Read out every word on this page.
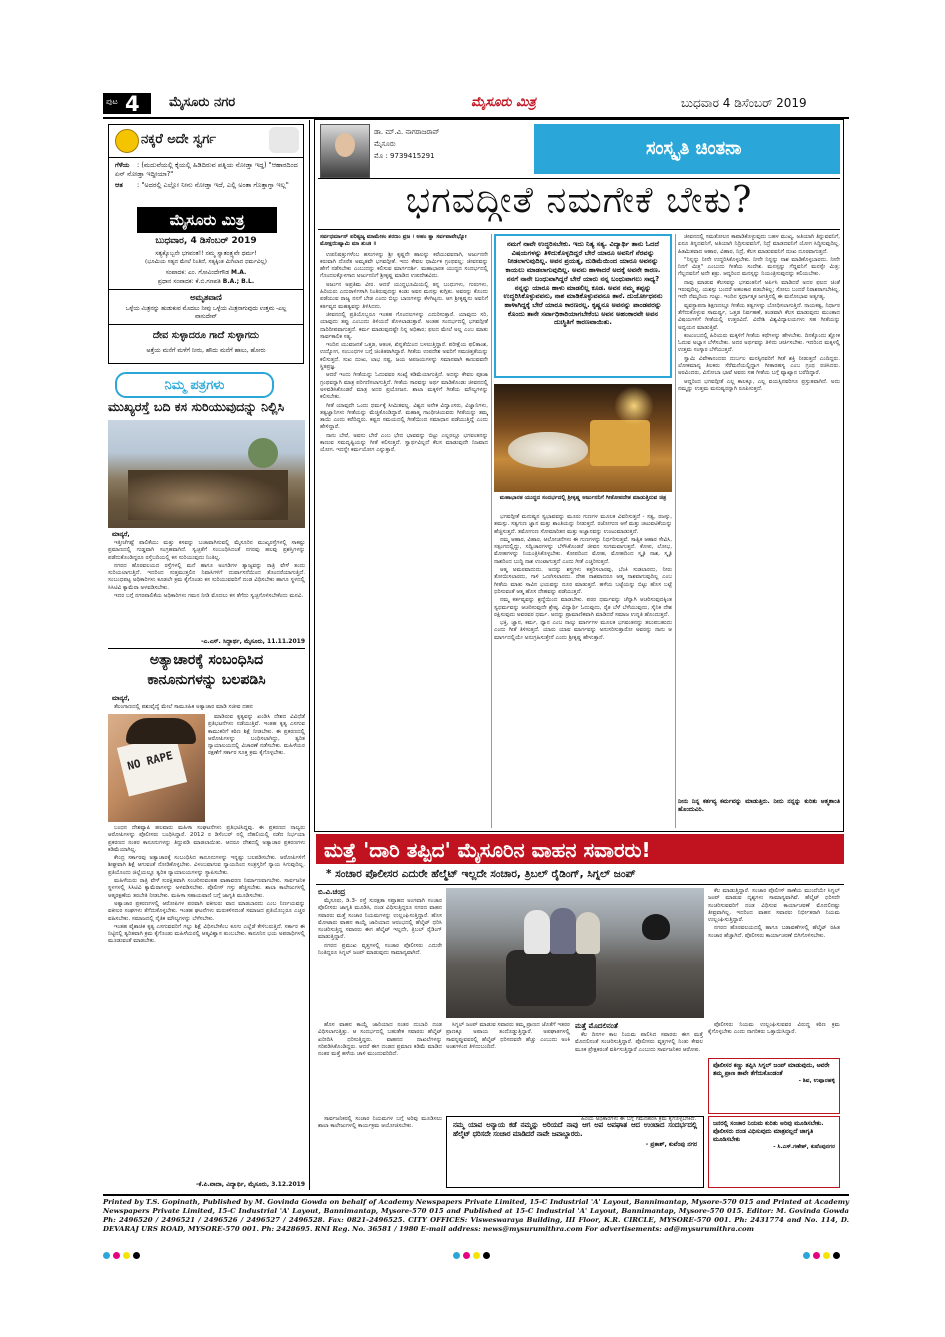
ಪುಟ 4 ಮೈಸೂರು ನಗರ	ಮೈಸೂರು ಮಿತ್ರ	ಬುಧವಾರ 4 ಡಿಸೆಂಬರ್ 2019
ನಕ್ಕರೆ ಅದೇ ಸ್ವರ್ಗ
ಗೆಳೆಯ : (ಮದುವೆಯಲ್ಲಿ ಕೈಯಲ್ಲಿ ಹಿಡಿದಿರುವ ಪತ್ನಿಯ ನೋಡ್ತಾ ಇದ್ದ) "ಆಹಾರದಿಂದ ಏನ್ ನೋಡ್ತಾ ಇದ್ದೀಯಾ?"
ಆತ : "ಅದರಲ್ಲಿ ಎಲ್ಲೋ ನೀನು ನೋಡ್ತಾ ಇದೆ, ಎಲ್ಲಿ ಅಂತಾ ಗೊತ್ತಾಗ್ತಾ ಇಲ್ಲ"
ಮೈಸೂರು ಮಿತ್ರ
ಬುಧವಾರ, 4 ಡಿಸೆಂಬರ್ 2019
ಸತ್ಯಕ್ಕೊಬ್ಬನೇ ಭಗವಂತ!! ನಮ್ಮ ಸ್ವಾತಂತ್ರ್ಯವೇ ಧರ್ಮ!
(ಭೂಮಿಯ ಸತ್ಯದ ಮೇಲೆ ನಿಂತಿದೆ, ಸತ್ಯಕ್ಕಿಂತ ಮಿಗಿಲಾದ ಧರ್ಮವಿಲ್ಲ)
ಸಂಪಾದಕ: ಎಂ. ಗೋವಿಂದೇಗೌಡ M.A.
ಪ್ರಧಾನ ಸಂಪಾದಕ: ಕೆ.ಬಿ.ಗಣಪತಿ B.A.; B.L.
ಅಮೃತವಾಣಿ
ಒಳ್ಳೆಯ ಮಿತ್ರನನ್ನು ಹುಡುಕುವ ಮೊದಲು ನೀವು ಒಳ್ಳೆಯ ಮಿತ್ರನಾಗುವುದು ಉತ್ತಮ -ಎಲ್ಲ ವಾಸುದೇವ್
ದೇವ ಸುಳ್ಳಾದರೂ ಗಾದೆ ಸುಳ್ಳಾಗದು
ಅತ್ತೆಯ ಮನೆಗೆ ಮಳೆಗೆ ನೀರು, ಹೌದು ಮನೆಗೆ ಹಾಲು, ಹೋರು
ನಿಮ್ಮ ಪತ್ರಗಳು
ಮುಖ್ಯರಸ್ತೆ ಬದಿ ಕಸ ಸುರಿಯುವುದನ್ನು ನಿಲ್ಲಿಸಿ
ಮಾನ್ಯರೆ,

ಇತ್ತೀಚೆಗಷ್ಟೆ ಪಾಲಿಕೆಯು ಮತ್ತು ಕಸವನ್ನು ಬಚಾವಾಗಿಸುವಲ್ಲಿ ಮೈಸೂರಿನ ಮುಖ್ಯರಸ್ತೆಗಳಲ್ಲಿ ಸಾಕಷ್ಟು ಪ್ರಮಾಣದಲ್ಲಿ ಗುಡ್ಡವಾಗಿ ಸಂಗ್ರಹವಾಗಿದೆ. ಸ್ವಚ್ಛತೆಗೆ ಸಂಬಂಧಿಸಿದಂತೆ ನಗರವು ಹಲವು ಪ್ರಶಸ್ತಿಗಳನ್ನು ಪಡೆದುಕೊಂಡಿದ್ದರೂ ರಸ್ತೆಬದಿಯಲ್ಲಿ ಕಸ ಸುರಿಯುವುದು ನಿಂತಿಲ್ಲ.

ನಗರದ ಹೊರವಲಯದ ರಸ್ತೆಗಳಲ್ಲಿ ಮನೆ ಹಾಗೂ ಅಂಗಡಿಗಳ ತ್ಯಾಜ್ಯವನ್ನು ರಾತ್ರಿ ವೇಳೆ ತಂದು ಸುರಿಯಲಾಗುತ್ತಿದೆ. ಇದರಿಂದ ಸುತ್ತಮುತ್ತಲಿನ ನಿವಾಸಿಗಳಿಗೆ ದುರ್ವಾಸನೆಯಿಂದ ತೊಂದರೆಯಾಗುತ್ತಿದೆ. ಸಂಬಂಧಪಟ್ಟ ಅಧಿಕಾರಿಗಳು ಕೂಡಲೇ ಕ್ರಮ ಕೈಗೊಂಡು ಕಸ ಸುರಿಯುವವರಿಗೆ ದಂಡ ವಿಧಿಸಬೇಕು ಹಾಗೂ ಸ್ಥಳದಲ್ಲಿ ಸಿಸಿಟಿವಿ ಕ್ಯಾಮೆರಾ ಅಳವಡಿಸಬೇಕು.

ಇದರ ಬಗ್ಗೆ ನಗರಪಾಲಿಕೆಯ ಅಧಿಕಾರಿಗಳು ಗಮನ ನೀಡಿ ಮೊದಲು ಕಸ ತೆಗೆದು ಸ್ವಚ್ಛಗೊಳಿಸಬೇಕೆಂದು ಮನವಿ.

-ಎ.ಎಸ್. ಸಿದ್ದಾರ್ಥ, ಮೈಸೂರು, 11.11.2019
ಅತ್ಯಾಚಾರಕ್ಕೆ ಸಂಬಂಧಿಸಿದ
ಕಾನೂನುಗಳನ್ನು ಬಲಪಡಿಸಿ
ಮಾನ್ಯರೆ,

ತೆಲಂಗಾಣದಲ್ಲಿ ಪಶುವೈದ್ಯೆ ಮೇಲೆ ಸಾಮೂಹಿಕ ಅತ್ಯಾಚಾರ ಮಾಡಿ ಸಜೀವ ದಹನ

NO RAPE

ಮಾಡಿರುವ ಕೃತ್ಯವನ್ನು ಖಂಡಿಸಿ ದೇಶದ ವಿವಿಧೆಡೆ ಪ್ರತಿಭಟನೆಗಳು ನಡೆಯುತ್ತಿವೆ. ಇಂತಹ ಕೃತ್ಯ ಎಸಗುವ ಕಾಮುಕರಿಗೆ ಕಠಿಣ ಶಿಕ್ಷೆ ನೀಡಬೇಕು. ಈ ಪ್ರಕರಣದಲ್ಲಿ ಆರೋಪಿಗಳನ್ನು ಬಂಧಿಸಲಾಗಿದ್ದು, ತ್ವರಿತ ನ್ಯಾಯಾಲಯದಲ್ಲಿ ವಿಚಾರಣೆ ನಡೆಸಬೇಕು. ಮಹಿಳೆಯರ ರಕ್ಷಣೆಗೆ ಸರ್ಕಾರ ಸೂಕ್ತ ಕ್ರಮ ಕೈಗೊಳ್ಳಬೇಕು.

ಬಂಧನ ದೇಶವ್ಯಾಪಿ ಹಲವಾರು ಮಹಿಳಾ ಸಂಘಟನೆಗಳು ಪ್ರತಿಭಟಿಸಿದ್ದವು. ಈ ಪ್ರಕರಣದ ನಾಲ್ವರು ಆರೋಪಿಗಳನ್ನು ಪೊಲೀಸರು ಬಂಧಿಸಿದ್ದಾರೆ. 2012 ರ ಡಿಸೆಂಬರ್ ನಲ್ಲಿ ದೆಹಲಿಯಲ್ಲಿ ನಡೆದ ನಿರ್ಭಯಾ ಪ್ರಕರಣದ ನಂತರ ಕಾನೂನುಗಳನ್ನು ತಿದ್ದುಪಡಿ ಮಾಡಲಾಯಿತು. ಆದರೂ ದೇಶದಲ್ಲಿ ಅತ್ಯಾಚಾರ ಪ್ರಕರಣಗಳು ಕಡಿಮೆಯಾಗಿಲ್ಲ.

ಕೇಂದ್ರ ಸರ್ಕಾರವು ಅತ್ಯಾಚಾರಕ್ಕೆ ಸಂಬಂಧಿಸಿದ ಕಾನೂನುಗಳನ್ನು ಇನ್ನಷ್ಟು ಬಲಪಡಿಸಬೇಕು. ಆರೋಪಿಗಳಿಗೆ ಶೀಘ್ರವಾಗಿ ಶಿಕ್ಷೆ ಆಗುವಂತೆ ನೋಡಿಕೊಳ್ಳಬೇಕು. ವಿಳಂಬವಾಗುವ ನ್ಯಾಯದಿಂದ ಸಂತ್ರಸ್ತರಿಗೆ ನ್ಯಾಯ ಸಿಗುವುದಿಲ್ಲ. ಪ್ರತಿಯೊಂದು ಜಿಲ್ಲೆಯಲ್ಲೂ ತ್ವರಿತ ನ್ಯಾಯಾಲಯಗಳನ್ನು ಸ್ಥಾಪಿಸಬೇಕು.

ಮಹಿಳೆಯರು ರಾತ್ರಿ ವೇಳೆ ಸುರಕ್ಷಿತವಾಗಿ ಸಂಚರಿಸುವಂತಹ ವಾತಾವರಣ ನಿರ್ಮಾಣವಾಗಬೇಕು. ಸಾರ್ವಜನಿಕ ಸ್ಥಳಗಳಲ್ಲಿ ಸಿಸಿಟಿವಿ ಕ್ಯಾಮೆರಾಗಳನ್ನು ಅಳವಡಿಸಬೇಕು. ಪೊಲೀಸ್ ಗಸ್ತು ಹೆಚ್ಚಿಸಬೇಕು. ಶಾಲಾ ಕಾಲೇಜುಗಳಲ್ಲಿ ಆತ್ಮರಕ್ಷಣೆಯ ತರಬೇತಿ ನೀಡಬೇಕು. ಮಹಿಳಾ ಸಹಾಯವಾಣಿ ಬಗ್ಗೆ ಜಾಗೃತಿ ಮೂಡಿಸಬೇಕು.

ಅತ್ಯಾಚಾರ ಪ್ರಕರಣಗಳಲ್ಲಿ ಆರೋಪಿಗಳ ಪರವಾಗಿ ವಕೀಲರು ವಾದ ಮಾಡಬಾರದು ಎಂಬ ನಿರ್ಣಯವನ್ನು ವಕೀಲರ ಸಂಘಗಳು ತೆಗೆದುಕೊಳ್ಳಬೇಕು. ಇಂತಹ ಘಟನೆಗಳು ಮರುಕಳಿಸದಂತೆ ಸಮಾಜದ ಪ್ರತಿಯೊಬ್ಬರೂ ಎಚ್ಚರ ವಹಿಸಬೇಕು. ಸಮಾಜದಲ್ಲಿ ನೈತಿಕ ಮೌಲ್ಯಗಳನ್ನು ಬೆಳೆಸಬೇಕು.

ಇಂತಹ ಪೈಶಾಚಿಕ ಕೃತ್ಯ ಎಸಗುವವರಿಗೆ ಗಲ್ಲು ಶಿಕ್ಷೆ ವಿಧಿಸಬೇಕೆಂಬ ಕೂಗು ಎಲ್ಲೆಡೆ ಕೇಳಿಬರುತ್ತಿದೆ. ಸರ್ಕಾರ ಈ ನಿಟ್ಟಿನಲ್ಲಿ ತ್ವರಿತವಾಗಿ ಕ್ರಮ ಕೈಗೊಂಡು ಮಹಿಳೆಯರಲ್ಲಿ ಆತ್ಮವಿಶ್ವಾಸ ತುಂಬಬೇಕು. ಕಾನೂನಿನ ಭಯ ಅಪರಾಧಿಗಳಲ್ಲಿ ಮೂಡುವಂತೆ ಮಾಡಬೇಕು.

-ಕೆ.ಪಿ.ವಾದಾ, ವಿದ್ಯಾರ್ಥಿ, ಮೈಸೂರು, 3.12.2019
ಡಾ. ಮ್.ವಿ. ನಾಗರಾಜರಾವ್
ಮೈಸೂರು
ಮೊ : 9739415291	ಸಂಸ್ಕೃತಿ ಚಿಂತನಾ
ಭಗವದ್ಗೀತೆ ನಮಗೇಕೆ ಬೇಕು?
ಸರ್ವಧರ್ಮಾನ್ ಪರಿತ್ಯಜ್ಯ ಮಾಮೇಕಂ ಶರಣಂ ವ್ರಜ । ಅಹಂ ತ್ವಾ ಸರ್ವಪಾಪೇಭ್ಯೋ ಮೋಕ್ಷಯಿಷ್ಯಾಮಿ ಮಾ ಶುಚಃ ॥

ಉಪನಿಷತ್ತುಗಳೆಂಬ ಹಸುಗಳನ್ನು ಶ್ರೀ ಕೃಷ್ಣನೇ ಹಾಲನ್ನು ಕರೆಯುವವನಾಗಿ, ಅರ್ಜುನನೇ ಕರುವಾಗಿ ದೊರೆತ ಅಮೃತವೇ ಭಗವದ್ಗೀತೆ. ಇದು ಕೇವಲ ಧಾರ್ಮಿಕ ಗ್ರಂಥವಲ್ಲ; ಜೀವನವನ್ನು ಹೇಗೆ ನಡೆಸಬೇಕು ಎಂಬುದನ್ನು ಕಲಿಸುವ ಮಾರ್ಗದರ್ಶಿ. ಮಹಾಭಾರತ ಯುದ್ಧದ ಸಂದರ್ಭದಲ್ಲಿ ಗೊಂದಲಕ್ಕೊಳಗಾದ ಅರ್ಜುನನಿಗೆ ಶ್ರೀಕೃಷ್ಣ ಮಾಡಿದ ಉಪದೇಶವಿದು.

ಅರ್ಜುನ ಅಪ್ರತಿಮ ವೀರ. ಆದರೆ ಯುದ್ಧಭೂಮಿಯಲ್ಲಿ ತನ್ನ ಬಂಧುಗಳು, ಗುರುಗಳು, ಹಿರಿಯರು ಎದುರಾಳಿಗಳಾಗಿ ನಿಂತಿರುವುದನ್ನು ಕಂಡು ಅವನ ಮನಸ್ಸು ಕುಗ್ಗಿತು. ಅವರನ್ನು ಕೊಂದು ಪಡೆಯುವ ರಾಜ್ಯ ನನಗೆ ಬೇಡ ಎಂದು ಬಿಲ್ಲು ಬಾಣಗಳನ್ನು ಕೆಳಗಿಟ್ಟನು. ಆಗ ಶ್ರೀಕೃಷ್ಣನು ಅವನಿಗೆ ಕರ್ತವ್ಯದ ಮಹತ್ವವನ್ನು ತಿಳಿಸಿದನು.

ಜೀವನದಲ್ಲಿ ಪ್ರತಿಯೊಬ್ಬರೂ ಇಂತಹ ಗೊಂದಲಗಳನ್ನು ಎದುರಿಸುತ್ತಾರೆ. ಯಾವುದು ಸರಿ, ಯಾವುದು ತಪ್ಪು ಎಂಬುದು ತಿಳಿಯದೆ ತೊಳಲಾಡುತ್ತಾರೆ. ಅಂತಹ ಸಂದರ್ಭದಲ್ಲಿ ಭಗವದ್ಗೀತೆ ದಾರಿದೀಪವಾಗುತ್ತದೆ. ಕರ್ಮ ಮಾಡುವುದಷ್ಟೇ ನಿನ್ನ ಅಧಿಕಾರ; ಫಲದ ಮೇಲೆ ಅಲ್ಲ ಎಂಬ ಮಾತು ಸಾರ್ವಕಾಲಿಕ ಸತ್ಯ.

ಇಂದಿನ ಯುವಜನತೆ ಒತ್ತಡ, ಆತಂಕ, ಖಿನ್ನತೆಯಿಂದ ಬಳಲುತ್ತಿದ್ದಾರೆ. ಪರೀಕ್ಷೆಯ ಫಲಿತಾಂಶ, ಉದ್ಯೋಗ, ಸಂಬಂಧಗಳ ಬಗ್ಗೆ ಚಿಂತಿತರಾಗಿದ್ದಾರೆ. ಗೀತೆಯ ಉಪದೇಶ ಅವರಿಗೆ ಸಮಚಿತ್ತತೆಯನ್ನು ಕಲಿಸುತ್ತದೆ. ಸುಖ ದುಃಖ, ಲಾಭ ನಷ್ಟ, ಜಯ ಅಪಜಯಗಳನ್ನು ಸಮಾನವಾಗಿ ಕಾಣುವವನೇ ಸ್ಥಿತಪ್ರಜ್ಞ.

ಆದರೆ ಇಂದು ಗೀತೆಯನ್ನು ಓದುವವರ ಸಂಖ್ಯೆ ಕಡಿಮೆಯಾಗುತ್ತಿದೆ. ಅದನ್ನು ಕೇವಲ ಪೂಜಾ ಗ್ರಂಥವನ್ನಾಗಿ ಮಾತ್ರ ಪರಿಗಣಿಸಲಾಗುತ್ತಿದೆ. ಗೀತೆಯ ಸಾರವನ್ನು ಅರ್ಥ ಮಾಡಿಕೊಂಡು ಜೀವನದಲ್ಲಿ ಅಳವಡಿಸಿಕೊಂಡರೆ ಮಾತ್ರ ಅದರ ಪ್ರಯೋಜನ. ಶಾಲಾ ಮಕ್ಕಳಿಗೆ ಗೀತೆಯ ಮೌಲ್ಯಗಳನ್ನು ಕಲಿಸಬೇಕು.

ಗೀತೆ ಯಾವುದೇ ಒಂದು ಧರ್ಮಕ್ಕೆ ಸೀಮಿತವಲ್ಲ. ವಿಶ್ವದ ಅನೇಕ ವಿದ್ವಾಂಸರು, ವಿಜ್ಞಾನಿಗಳು, ತತ್ವಜ್ಞಾನಿಗಳು ಗೀತೆಯನ್ನು ಮೆಚ್ಚಿಕೊಂಡಿದ್ದಾರೆ. ಮಹಾತ್ಮ ಗಾಂಧೀಜಿಯವರು ಗೀತೆಯನ್ನು ತಮ್ಮ ತಾಯಿ ಎಂದು ಕರೆದಿದ್ದರು. ಕಷ್ಟದ ಸಮಯದಲ್ಲಿ ಗೀತೆಯಿಂದ ಸಮಾಧಾನ ಪಡೆಯುತ್ತಿದ್ದೆ ಎಂದು ಹೇಳಿದ್ದಾರೆ.

ನಾನು ಬೇರೆ, ಅವನು ಬೇರೆ ಎಂಬ ಭೇದ ಭಾವವನ್ನು ಬಿಟ್ಟು ಎಲ್ಲರಲ್ಲೂ ಭಗವಂತನನ್ನು ಕಾಣುವ ಸಮದೃಷ್ಟಿಯನ್ನು ಗೀತೆ ಕಲಿಸುತ್ತದೆ. ಸ್ವಾರ್ಥವಿಲ್ಲದೆ ಕೆಲಸ ಮಾಡುವುದೇ ನಿಜವಾದ ಯೋಗ. ಇದನ್ನೇ ಕರ್ಮಯೋಗ ಎನ್ನುತ್ತಾರೆ.

ನಮಗೆ ನಾವೇ ಉದ್ಧರಿಸಬೇಕು. ಇದು ನಿತ್ಯ ಸತ್ಯ. ವಿದ್ಯಾರ್ಥಿ ತಾನು ಓದದೆ ವಿಷಯಗಳನ್ನು ತಿಳಿದುಕೊಳ್ಳದಿದ್ದರೆ ಬೇರೆ ಯಾರೂ ಅವನಿಗೆ ನೆರವನ್ನು ನೀಡಲಾಗುವುದಿಲ್ಲ. ಅವನ ಪ್ರಯತ್ನ, ದುಡಿಮೆಯಿಂದ ಯಾರೂ ಅವನನ್ನು ಕಾಯಲು ಮಾಡಲಾಗುವುದಿಲ್ಲ. ಅವನು ಹಾಳಾದರೆ ಅದಕ್ಕೆ ಅವನೇ ಕಾರಣ. ನನಗೆ ನಾನೇ ಬಂಧುವಾಗಿದ್ದರೆ ಬೇರೆ ಯಾರು ನನ್ನ ಬಂಧುವಾಗಲು ಸಾಧ್ಯ? ನನ್ನನ್ನು ಯಾರೂ ಹಾಳು ಮಾಡಲಿಲ್ಲ ಕೂಡ. ಅವನ ನಮ್ಮ ತಪ್ಪನ್ನು ಉದ್ಧರಿಸಿಕೊಳ್ಳುವವನು, ನಾಶ ಮಾಡಿಕೊಳ್ಳುವವನೂ ತಾನೆ. ದುರ್ಯೋಧನನು ಹಾಳಾಗಿದ್ದಕ್ಕೆ ಬೇರೆ ಯಾರೂ ಕಾರಣರಲ್ಲ. ಕೃಷ್ಣನೂ ಅವನನ್ನು ಪಾಂಡವರನ್ನು ಕೊಂದು ತಾನೇ ಸರ್ವಾಧಿಕಾರಿಯಾಗಬೇಕೆಂಬ ಅವನ ಅಹಂಕಾರವೇ ಅವನ ದುಃಸ್ಥಿತಿಗೆ ಕಾರಣವಾಯಿತು.
ಮಹಾಭಾರತ ಯುದ್ಧದ ಸಂದರ್ಭದಲ್ಲಿ ಶ್ರೀಕೃಷ್ಣ ಅರ್ಜುನನಿಗೆ ಗೀತೋಪದೇಶ ಮಾಡುತ್ತಿರುವ ಚಿತ್ರ

ಭಗವದ್ಗೀತೆ ಮನುಷ್ಯನ ಸ್ವಭಾವವನ್ನು ಮೂರು ಗುಣಗಳ ಮೂಲಕ ವಿವರಿಸುತ್ತದೆ - ಸತ್ವ, ರಜಸ್ಸು, ತಮಸ್ಸು. ಸತ್ವಗುಣ ಜ್ಞಾನ ಮತ್ತು ಶಾಂತಿಯನ್ನು ನೀಡುತ್ತದೆ. ರಜೋಗುಣ ಆಸೆ ಮತ್ತು ಚಟುವಟಿಕೆಯನ್ನು ಹೆಚ್ಚಿಸುತ್ತದೆ. ತಮೋಗುಣ ಸೋಮಾರಿತನ ಮತ್ತು ಅಜ್ಞಾನವನ್ನು ಉಂಟುಮಾಡುತ್ತದೆ.

ನಮ್ಮ ಆಹಾರ, ವಿಹಾರ, ಆಲೋಚನೆಗಳು ಈ ಗುಣಗಳನ್ನು ನಿರ್ಧರಿಸುತ್ತವೆ. ಸಾತ್ವಿಕ ಆಹಾರ ಸೇವಿಸಿ, ಸತ್ಸಂಗದಲ್ಲಿದ್ದು, ಸದ್ವಿಚಾರಗಳನ್ನು ಬೆಳೆಸಿಕೊಂಡರೆ ಜೀವನ ಸುಗಮವಾಗುತ್ತದೆ. ಕೋಪ, ಲೋಭ, ಮೋಹಗಳನ್ನು ನಿಯಂತ್ರಿಸಿಕೊಳ್ಳಬೇಕು. ಕೋಪದಿಂದ ಮೋಹ, ಮೋಹದಿಂದ ಸ್ಮೃತಿ ನಾಶ, ಸ್ಮೃತಿ ನಾಶದಿಂದ ಬುದ್ಧಿ ನಾಶ ಉಂಟಾಗುತ್ತದೆ ಎಂದು ಗೀತೆ ಎಚ್ಚರಿಸುತ್ತದೆ.

ಆತ್ಮ ಅಮರವಾದುದು. ಅದನ್ನು ಶಸ್ತ್ರಗಳು ಕತ್ತರಿಸಲಾರವು, ಬೆಂಕಿ ಸುಡಲಾರದು, ನೀರು ತೋಯಿಸಲಾರದು, ಗಾಳಿ ಒಣಗಿಸಲಾರದು. ದೇಹ ನಾಶವಾದರೂ ಆತ್ಮ ನಾಶವಾಗುವುದಿಲ್ಲ ಎಂಬ ಗೀತೆಯ ಮಾತು ಸಾವಿನ ಭಯವನ್ನು ದೂರ ಮಾಡುತ್ತದೆ. ಹಳೆಯ ಬಟ್ಟೆಯನ್ನು ಬಿಟ್ಟು ಹೊಸ ಬಟ್ಟೆ ಧರಿಸುವಂತೆ ಆತ್ಮ ಹೊಸ ದೇಹವನ್ನು ಪಡೆಯುತ್ತದೆ.

ನಮ್ಮ ಕರ್ತವ್ಯವನ್ನು ಶ್ರದ್ಧೆಯಿಂದ ಮಾಡಬೇಕು. ಪರರ ಧರ್ಮವನ್ನು ಚೆನ್ನಾಗಿ ಆಚರಿಸುವುದಕ್ಕಿಂತ ಸ್ವಧರ್ಮವನ್ನು ಆಚರಿಸುವುದೇ ಶ್ರೇಷ್ಠ. ವಿದ್ಯಾರ್ಥಿ ಓದುವುದು, ರೈತ ಬೆಳೆ ಬೆಳೆಯುವುದು, ಸೈನಿಕ ದೇಶ ರಕ್ಷಿಸುವುದು ಅವರವರ ಧರ್ಮ. ಅದನ್ನು ಪ್ರಾಮಾಣಿಕವಾಗಿ ಮಾಡಿದರೆ ಸಮಾಜ ಉನ್ನತಿ ಹೊಂದುತ್ತದೆ.

ಭಕ್ತಿ, ಜ್ಞಾನ, ಕರ್ಮ, ಧ್ಯಾನ ಎಂಬ ನಾಲ್ಕು ಮಾರ್ಗಗಳ ಮೂಲಕ ಭಗವಂತನನ್ನು ತಲುಪಬಹುದು ಎಂದು ಗೀತೆ ತಿಳಿಸುತ್ತದೆ. ಯಾರು ಯಾವ ಮಾರ್ಗವನ್ನು ಅನುಸರಿಸುತ್ತಾರೋ ಅವರನ್ನು ನಾನು ಆ ಮಾರ್ಗದಲ್ಲಿಯೇ ಅನುಗ್ರಹಿಸುತ್ತೇನೆ ಎಂದು ಶ್ರೀಕೃಷ್ಣ ಹೇಳುತ್ತಾನೆ.

ಜೀವನದಲ್ಲಿ ಸಮತೋಲನ ಕಾಪಾಡಿಕೊಳ್ಳುವುದು ಬಹಳ ಮುಖ್ಯ. ಅತಿಯಾಗಿ ತಿನ್ನುವವನಿಗೆ, ಏನೂ ತಿನ್ನದವನಿಗೆ, ಅತಿಯಾಗಿ ನಿದ್ರಿಸುವವನಿಗೆ, ನಿದ್ರೆ ಮಾಡದವನಿಗೆ ಯೋಗ ಸಿದ್ಧಿಸುವುದಿಲ್ಲ. ಹಿತಮಿತವಾದ ಆಹಾರ, ವಿಹಾರ, ನಿದ್ರೆ, ಕೆಲಸ ಮಾಡುವವನಿಗೆ ದುಃಖ ದೂರವಾಗುತ್ತದೆ.

"ನಿನ್ನನ್ನು ನೀನೇ ಉದ್ಧರಿಸಿಕೊಳ್ಳಬೇಕು. ನೀನೇ ನಿನ್ನನ್ನು ನಾಶ ಮಾಡಿಕೊಳ್ಳಬಾರದು. ನೀನೇ ನಿನಗೆ ಮಿತ್ರ" ಎಂಬುದು ಗೀತೆಯ ಸಂದೇಶ. ಮನಸ್ಸನ್ನು ಗೆದ್ದವನಿಗೆ ಮನಸ್ಸೇ ಮಿತ್ರ; ಗೆಲ್ಲದವನಿಗೆ ಅದೇ ಶತ್ರು. ಆದ್ದರಿಂದ ಮನಸ್ಸನ್ನು ನಿಯಂತ್ರಿಸುವುದನ್ನು ಕಲಿಯಬೇಕು.

ನಾವು ಮಾಡುವ ಕೆಲಸವನ್ನು ಭಗವಂತನಿಗೆ ಅರ್ಪಿಸಿ ಮಾಡಿದರೆ ಅದರ ಫಲದ ಚಿಂತೆ ಇರುವುದಿಲ್ಲ. ಯಶಸ್ಸು ಬಂದರೆ ಅಹಂಕಾರ ಪಡಬೇಕಿಲ್ಲ; ಸೋಲು ಬಂದರೆ ನಿರಾಶರಾಗಬೇಕಿಲ್ಲ. ಇದೇ ನೆಮ್ಮದಿಯ ಗುಟ್ಟು. ಇಂದಿನ ಸ್ಪರ್ಧಾತ್ಮಕ ಜಗತ್ತಿನಲ್ಲಿ ಈ ಮನೋಭಾವ ಅತ್ಯಗತ್ಯ.

ವ್ಯವಸ್ಥಾಪನಾ ಶಿಕ್ಷಣದಲ್ಲೂ ಗೀತೆಯ ತತ್ವಗಳನ್ನು ಬೋಧಿಸಲಾಗುತ್ತಿದೆ. ನಾಯಕತ್ವ, ನಿರ್ಧಾರ ತೆಗೆದುಕೊಳ್ಳುವ ಸಾಮರ್ಥ್ಯ, ಒತ್ತಡ ನಿರ್ವಹಣೆ, ತಂಡವಾಗಿ ಕೆಲಸ ಮಾಡುವುದು ಮುಂತಾದ ವಿಷಯಗಳಿಗೆ ಗೀತೆಯಲ್ಲಿ ಉತ್ತರವಿದೆ. ವಿದೇಶಿ ವಿಶ್ವವಿದ್ಯಾಲಯಗಳು ಸಹ ಗೀತೆಯನ್ನು ಅಧ್ಯಯನ ಮಾಡುತ್ತಿವೆ.

ಕುಟುಂಬದಲ್ಲಿ ಹಿರಿಯರು ಮಕ್ಕಳಿಗೆ ಗೀತೆಯ ಕಥೆಗಳನ್ನು ಹೇಳಬೇಕು. ದಿನಕ್ಕೊಂದು ಶ್ಲೋಕ ಓದುವ ಅಭ್ಯಾಸ ಬೆಳೆಸಬೇಕು. ಅದರ ಅರ್ಥವನ್ನು ತಿಳಿದು ಚರ್ಚಿಸಬೇಕು. ಇದರಿಂದ ಮಕ್ಕಳಲ್ಲಿ ಉತ್ತಮ ಸಂಸ್ಕಾರ ಬೆಳೆಯುತ್ತದೆ.

ಸ್ವಾಮಿ ವಿವೇಕಾನಂದರು ದುರ್ಬಲ ಮನಸ್ಸಿನವರಿಗೆ ಗೀತೆ ಶಕ್ತಿ ನೀಡುತ್ತದೆ ಎಂದಿದ್ದರು. ಲೋಕಮಾನ್ಯ ತಿಲಕರು ಸೆರೆಮನೆಯಲ್ಲಿದ್ದಾಗ ಗೀತಾರಹಸ್ಯ ಎಂಬ ಗ್ರಂಥ ರಚಿಸಿದರು. ಅರವಿಂದರು, ವಿನೋಬಾ ಭಾವೆ ಅವರು ಸಹ ಗೀತೆಯ ಬಗ್ಗೆ ವ್ಯಾಖ್ಯಾನ ಬರೆದಿದ್ದಾರೆ.

ಆದ್ದರಿಂದ ಭಗವದ್ಗೀತೆ ಎಲ್ಲ ಕಾಲಕ್ಕೂ, ಎಲ್ಲ ವಯಸ್ಸಿನವರಿಗೂ ಪ್ರಸ್ತುತವಾಗಿದೆ. ಅದು ನಮ್ಮನ್ನು ಉತ್ತಮ ಮನುಷ್ಯರನ್ನಾಗಿ ರೂಪಿಸುತ್ತದೆ.

ನೀನು ನಿನ್ನ ಕರ್ತವ್ಯ ಕರ್ಮವನ್ನು ಮಾಡುತ್ತಿರು. ನೀನು ನನ್ನನ್ನು ಕುರಿತು ಆತ್ಮಶಾಂತಿ ಹೊಂದುವಿರಿ.
ಮತ್ತೆ 'ದಾರಿ ತಪ್ಪಿದ' ಮೈಸೂರಿನ ವಾಹನ ಸವಾರರು!
* ಸಂಚಾರ ಪೊಲೀಸರ ಎದುರೇ ಹೆಲ್ಮೆಟ್ ಇಲ್ಲದೇ ಸಂಚಾರ, ತ್ರಿಬಲ್ ರೈಡಿಂಗ್, ಸಿಗ್ನಲ್ ಜಂಪ್
ಬಿ.ವಿ.ಚಂದ್ರ

ಮೈಸೂರು, ಡಿ.3- ರಸ್ತೆ ಸುರಕ್ಷತಾ ಸಪ್ತಾಹದ ಅಂಗವಾಗಿ ಸಂಚಾರ ಪೊಲೀಸರು ಜಾಗೃತಿ ಮೂಡಿಸಿ, ದಂಡ ವಿಧಿಸುತ್ತಿದ್ದರೂ ನಗರದ ವಾಹನ ಸವಾರರು ಮತ್ತೆ ಸಂಚಾರ ನಿಯಮಗಳನ್ನು ಉಲ್ಲಂಘಿಸುತ್ತಿದ್ದಾರೆ. ಹೊಸ ಮೋಟಾರು ವಾಹನ ಕಾಯ್ದೆ ಜಾರಿಯಾದ ಆರಂಭದಲ್ಲಿ ಹೆಲ್ಮೆಟ್ ಧರಿಸಿ ಸಂಚರಿಸುತ್ತಿದ್ದ ಸವಾರರು ಈಗ ಹೆಲ್ಮೆಟ್ ಇಲ್ಲದೇ, ತ್ರಿಬಲ್ ರೈಡಿಂಗ್ ಮಾಡುತ್ತಿದ್ದಾರೆ.

ನಗರದ ಪ್ರಮುಖ ವೃತ್ತಗಳಲ್ಲಿ ಸಂಚಾರ ಪೊಲೀಸರು ಎದುರೇ ನಿಂತಿದ್ದರೂ ಸಿಗ್ನಲ್ ಜಂಪ್ ಮಾಡುವುದು ಸಾಮಾನ್ಯವಾಗಿದೆ.

ಕೆಲ ಮಾಡುತ್ತಿದ್ದಾರೆ. ಸಂಚಾರ ಪೊಲೀಸ್ ಠಾಣೆಯ ಮುಂದೆಯೇ ಸಿಗ್ನಲ್ ಜಂಪ್ ಮಾಡುವ ದೃಶ್ಯಗಳು ಸಾಮಾನ್ಯವಾಗಿವೆ. ಹೆಲ್ಮೆಟ್ ಧರಿಸದೇ ಸಂಚರಿಸುವವರಿಗೆ ದಂಡ ವಿಧಿಸುವ ಕಾರ್ಯಾಚರಣೆ ಮೊದಲಿನಷ್ಟು ತೀವ್ರವಾಗಿಲ್ಲ. ಇದರಿಂದ ವಾಹನ ಸವಾರರು ನಿರ್ಭೀತರಾಗಿ ನಿಯಮ ಉಲ್ಲಂಘಿಸುತ್ತಿದ್ದಾರೆ.

ನಗರದ ಹೊರವಲಯದಲ್ಲಿ ಹಾಗೂ ಬಡಾವಣೆಗಳಲ್ಲಿ ಹೆಲ್ಮೆಟ್ ರಹಿತ ಸಂಚಾರ ಹೆಚ್ಚಾಗಿದೆ. ಪೊಲೀಸರು ಕಾರ್ಯಾಚರಣೆ ಬಿಗಿಗೊಳಿಸಬೇಕು.

ಹೊಸ ವಾಹನ ಕಾಯ್ದೆ ಜಾರಿಯಾದ ನಂತರ ದುಬಾರಿ ದಂಡ ವಿಧಿಸಲಾಗುತ್ತಿತ್ತು. ಆ ಸಂದರ್ಭದಲ್ಲಿ ಬಹುತೇಕ ಸವಾರರು ಹೆಲ್ಮೆಟ್ ಖರೀದಿಸಿ ಧರಿಸುತ್ತಿದ್ದರು. ವಾಹನದ ದಾಖಲೆಗಳನ್ನು ಸರಿಪಡಿಸಿಕೊಂಡಿದ್ದರು. ಆದರೆ ಈಗ ದಂಡದ ಪ್ರಮಾಣ ಕಡಿಮೆ ಮಾಡಿದ ನಂತರ ಮತ್ತೆ ಹಳೆಯ ಚಾಳಿ ಮುಂದುವರಿದಿದೆ.

ಸಿಗ್ನಲ್ ಜಂಪ್ ಮಾಡುವ ಸವಾರರು ತಮ್ಮ ಪ್ರಾಣದ ಜೊತೆಗೆ ಇತರರ ಪ್ರಾಣಕ್ಕೂ ಅಪಾಯ ತಂದೊಡ್ಡುತ್ತಿದ್ದಾರೆ. ಅಪಘಾತಗಳಲ್ಲಿ ಸಾವನ್ನಪ್ಪುವವರಲ್ಲಿ ಹೆಲ್ಮೆಟ್ ಧರಿಸದವರೇ ಹೆಚ್ಚು ಎಂಬುದು ಅಂಕಿ ಅಂಶಗಳಿಂದ ತಿಳಿದುಬಂದಿದೆ.

ಮತ್ತೆ ಮೊದಲಿನಂತೆ

ಕೆಲ ದಿನಗಳ ಕಾಲ ನಿಯಮ ಪಾಲಿಸಿದ ಸವಾರರು ಈಗ ಮತ್ತೆ ಮೊದಲಿನಂತೆ ಸಂಚರಿಸುತ್ತಿದ್ದಾರೆ. ಪೊಲೀಸರು ವೃತ್ತಗಳಲ್ಲಿ ನಿಂತು ಕೇವಲ ಮೂಕ ಪ್ರೇಕ್ಷಕರಂತೆ ವರ್ತಿಸುತ್ತಿದ್ದಾರೆ ಎಂಬುದು ಸಾರ್ವಜನಿಕರ ಆರೋಪ.

ನಮ್ಮ ಯಾವ ಅನ್ಯಾಯ ಕಡೆ ನಮ್ಮನ್ನು ಅರಿಯದೆ ನಾವು ಆಗ ಅಪ ಅಪಘಾತ ಆದ ಉಂಟಾದ ಸಂದರ್ಭದಲ್ಲಿ ಹೆಲ್ಮೆಟ್ ಧರಿಸದೇ ಸಂಚಾರ ಮಾಡಿದರೆ ನಾವೇ ಜವಾಬ್ದಾರರು.
- ಪ್ರಕಾಶ್, ಕುವೆಂಪು ನಗರ

ಸಾರ್ವಜನಿಕರಲ್ಲಿ ಸಂಚಾರ ನಿಯಮಗಳ ಬಗ್ಗೆ ಅರಿವು ಮೂಡಿಸಲು ಶಾಲಾ ಕಾಲೇಜುಗಳಲ್ಲಿ ಕಾರ್ಯಕ್ರಮ ಆಯೋಜಿಸಬೇಕು.

ಪೊಲೀಸರು ನಿಯಮ ಉಲ್ಲಂಘಿಸುವವರ ವಿರುದ್ಧ ಕಠಿಣ ಕ್ರಮ ಕೈಗೊಳ್ಳಬೇಕು ಎಂದು ನಾಗರಿಕರು ಒತ್ತಾಯಿಸಿದ್ದಾರೆ.

ಪೊಲೀಸರ ಕಣ್ಣು ತಪ್ಪಿಸಿ ಸಿಗ್ನಲ್ ಜಂಪ್ ಮಾಡುವುದು, ಅವರೇ ತಮ್ಮ ಪ್ರಾಣ ತಾವೇ ತೆಗೆದುಕೊಂಡಂತೆ
- ಶಿವ, ಉಪ್ಪಾರಹಳ್ಳಿ
ಜನರಲ್ಲಿ ಸಂಚಾರ ನಿಯಮ ಕುರಿತು ಅರಿವು ಮೂಡಿಸಬೇಕು. ಪೊಲೀಸರು ದಂಡ ವಿಧಿಸುವುದು ಮಾತ್ರವಲ್ಲದೆ ಜಾಗೃತಿ ಮೂಡಿಸಬೇಕು
- ಸಿ.ಎಸ್.ಗಣೇಶ್, ಕುವೆಂಪುನಗರ

ಹಿರಿಯ ಅಧಿಕಾರಿಗಳು ಈ ಬಗ್ಗೆ ಗಮನಹರಿಸಿ ಕ್ರಮ ಕೈಗೊಳ್ಳಬೇಕಿದೆ.

Printed by T.S. Gopinath, Published by M. Govinda Gowda on behalf of Academy Newspapers Private Limited, 15-C Industrial 'A' Layout, Bannimantap, Mysore-570 015 and Printed at Academy Newspapers Private Limited, 15-C Industrial 'A' Layout, Bannimantap, Mysore-570 015 and Published at 15-C Industrial 'A' Layout, Bannimantap, Mysore-570 015. Editor: M. Govinda Gowda Ph: 2496520 / 2496521 / 2496526 / 2496527 / 2496528. Fax: 0821-2496525. CITY OFFICES: Visweswaraya Building, III Floor, K.R. CIRCLE, MYSORE-570 001. Ph: 2431774 and No. 114, D. DEVARAJ URS ROAD, MYSORE-570 001. Ph: 2428695. RNI Reg. No. 36581 / 1980 E-mail address: news@mysurumithra.com For advertisements: ad@mysurumithra.com
